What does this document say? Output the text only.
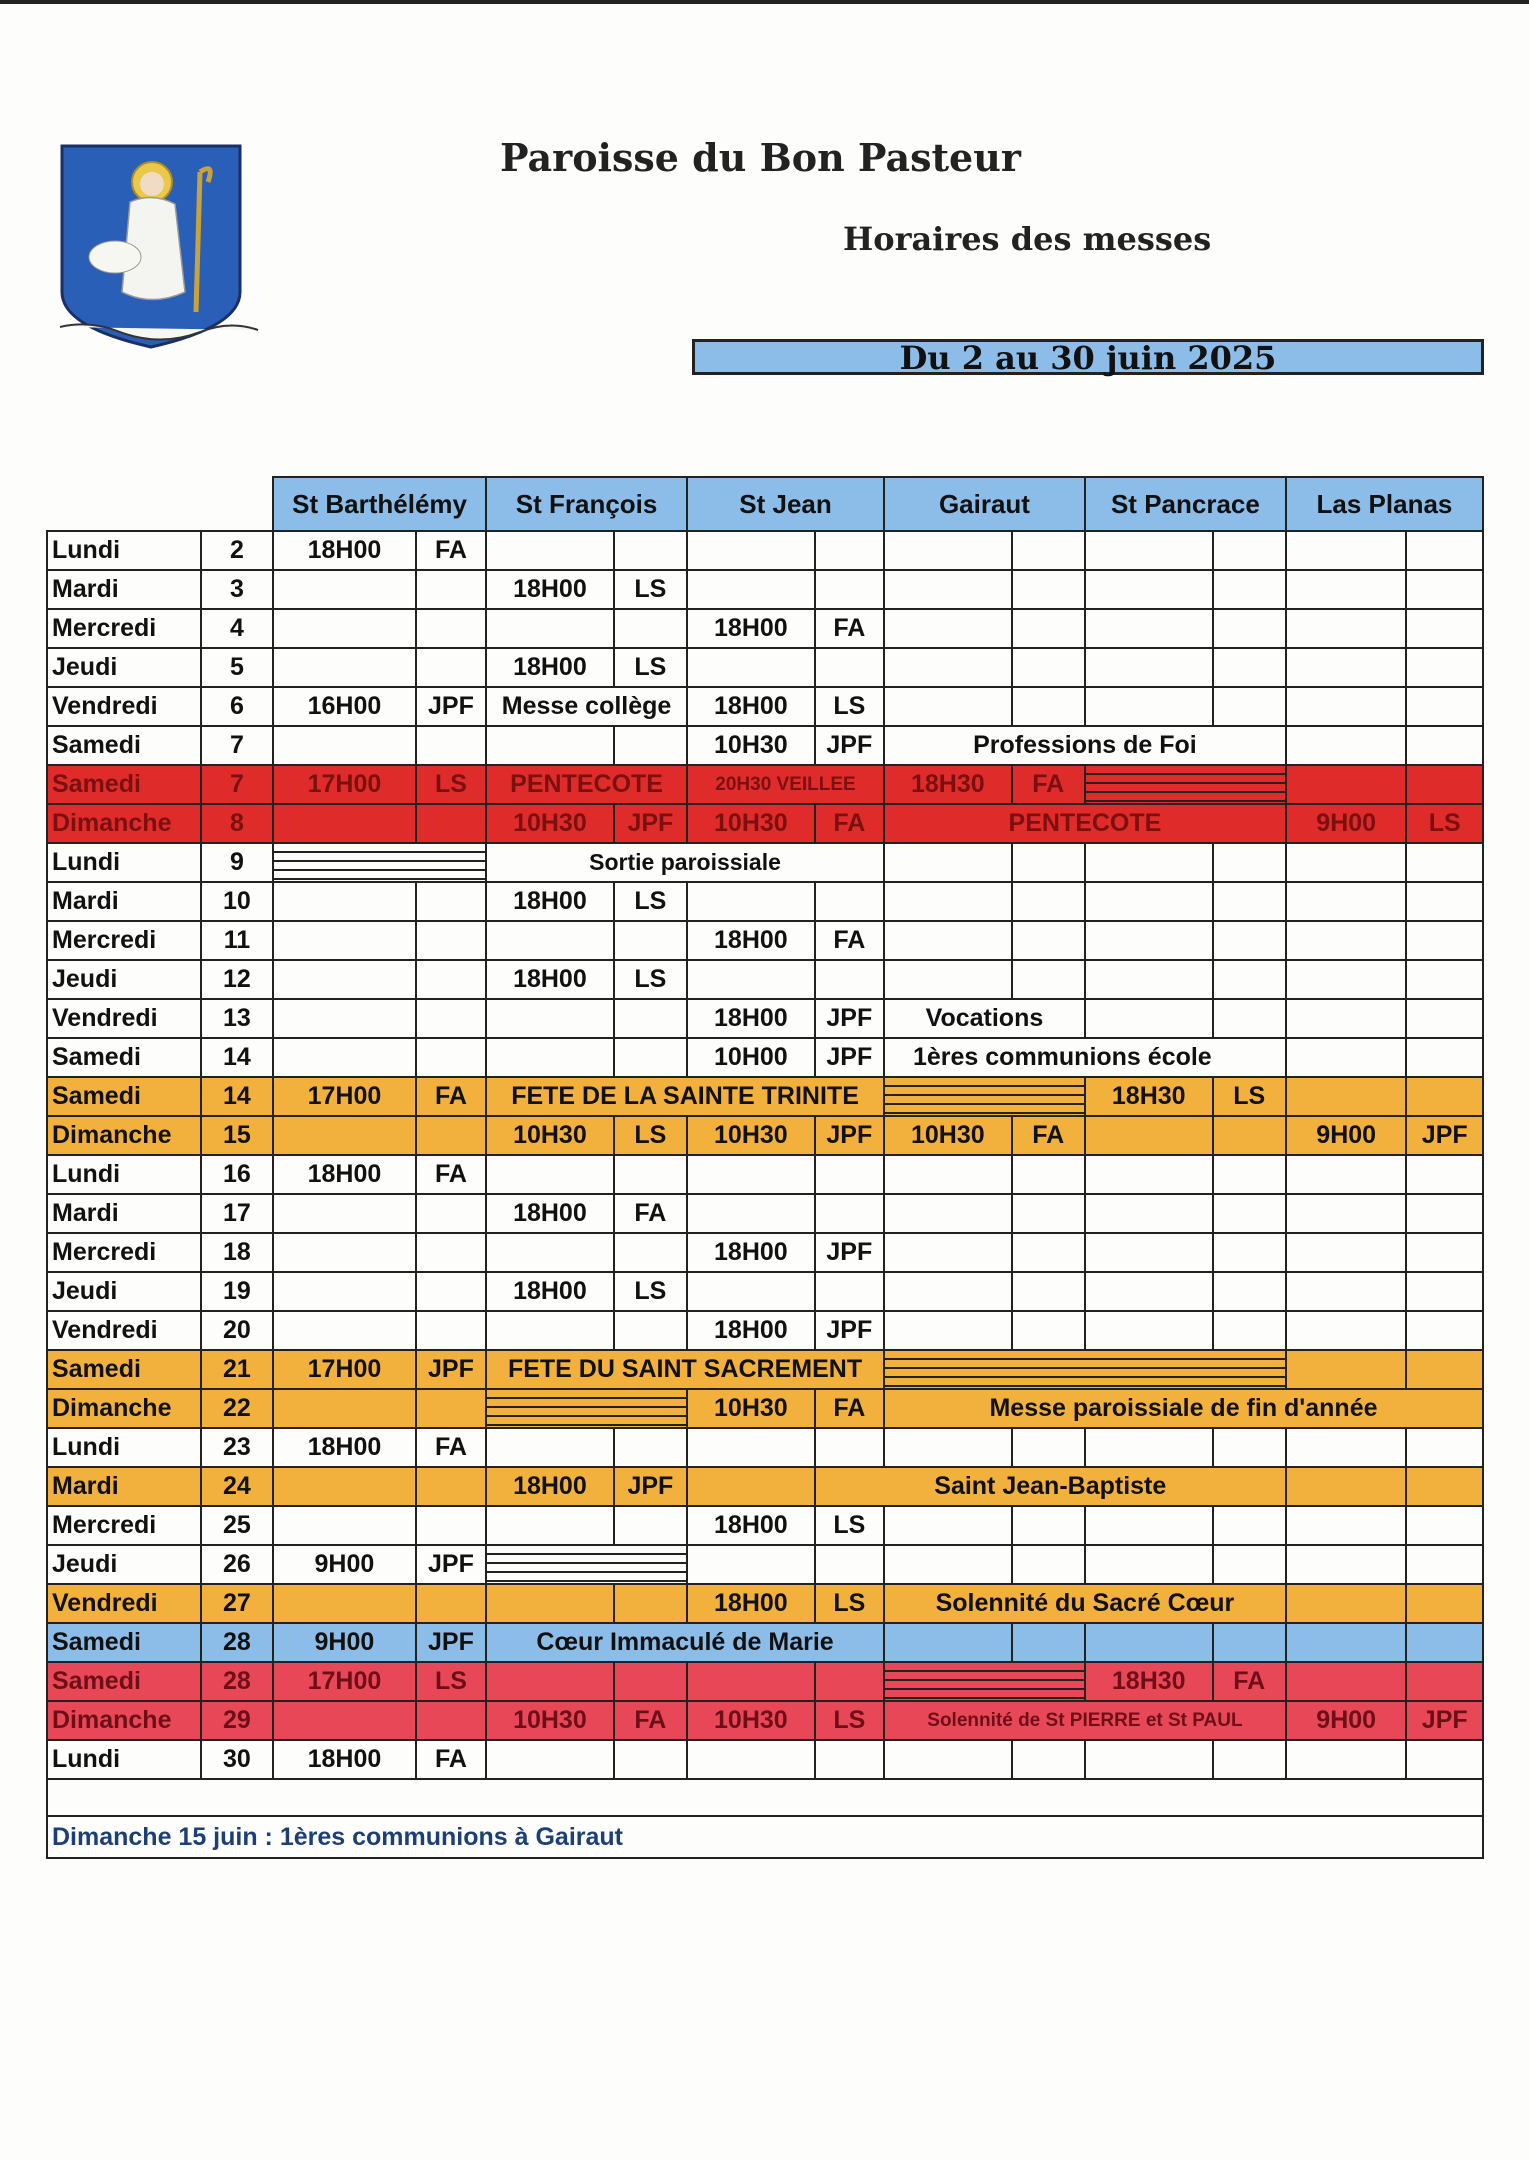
Paroisse du Bon Pasteur
Horaires des messes
Du 2 au 30 juin 2025
		St Barthélémy		St François		St Jean		Gairaut		St Pancrace		Las Planas	
Lundi	2	18H00	FA										
Mardi	3			18H00	LS								
Mercredi	4					18H00	FA						
Jeudi	5			18H00	LS								
Vendredi	6	16H00	JPF	Messe collège		18H00	LS						
Samedi	7					10H30	JPF	Professions de Foi					
Samedi	7	17H00	LS	PENTECOTE		20H30 VEILLEE		18H30	FA				
Dimanche	8			10H30	JPF	10H30	FA	PENTECOTE				9H00	LS
Lundi	9			Sortie paroissiale									
Mardi	10			18H00	LS								
Mercredi	11					18H00	FA						
Jeudi	12			18H00	LS								
Vendredi	13					18H00	JPF	Vocations					
Samedi	14					10H00	JPF	1ères communions école					
Samedi	14	17H00	FA	FETE DE LA SAINTE TRINITE						18H30	LS		
Dimanche	15			10H30	LS	10H30	JPF	10H30	FA			9H00	JPF
Lundi	16	18H00	FA										
Mardi	17			18H00	FA								
Mercredi	18					18H00	JPF						
Jeudi	19			18H00	LS								
Vendredi	20					18H00	JPF						
Samedi	21	17H00	JPF	FETE DU SAINT SACREMENT									
Dimanche	22					10H30	FA	Messe paroissiale de fin d'année					
Lundi	23	18H00	FA										
Mardi	24			18H00	JPF		Saint Jean-Baptiste						
Mercredi	25					18H00	LS						
Jeudi	26	9H00	JPF										
Vendredi	27					18H00	LS	Solennité du Sacré Cœur					
Samedi	28	9H00	JPF	Cœur Immaculé de Marie									
Samedi	28	17H00	LS							18H30	FA		
Dimanche	29			10H30	FA	10H30	LS	Solennité de St PIERRE et St PAUL				9H00	JPF
Lundi	30	18H00	FA										

Dimanche 15 juin : 1ères communions à Gairaut													
